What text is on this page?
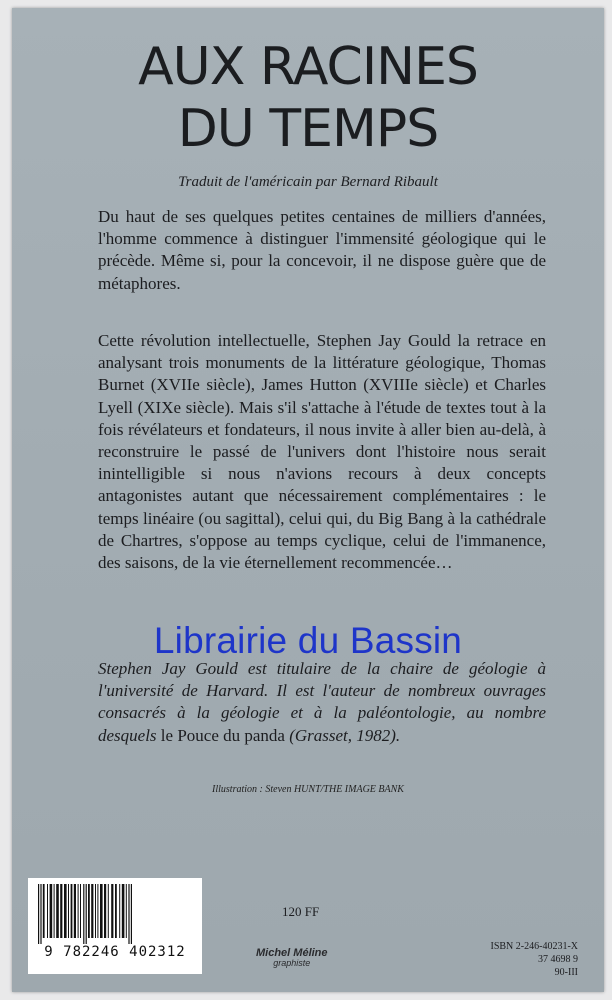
AUX RACINES
DU TEMPS
Traduit de l'américain par Bernard Ribault

Du haut de ses quelques petites centaines de milliers d'années, l'homme commence à distinguer l'immensité géologique qui le précède. Même si, pour la concevoir, il ne dispose guère que de métaphores.

Cette révolution intellectuelle, Stephen Jay Gould la retrace en analysant trois monuments de la littérature géologique, Thomas Burnet (XVIIe siècle), James Hutton (XVIIIe siècle) et Charles Lyell (XIXe siècle). Mais s'il s'attache à l'étude de textes tout à la fois révélateurs et fondateurs, il nous invite à aller bien au-delà, à reconstruire le passé de l'univers dont l'histoire nous serait inintelligible si nous n'avions recours à deux concepts antagonistes autant que nécessairement complémentaires : le temps linéaire (ou sagittal), celui qui, du Big Bang à la cathédrale de Chartres, s'oppose au temps cyclique, celui de l'immanence, des saisons, de la vie éternellement recommencée…

Librairie du Bassin

Stephen Jay Gould est titulaire de la chaire de géologie à l'université de Harvard. Il est l'auteur de nombreux ouvrages consacrés à la géologie et à la paléontologie, au nombre desquels le Pouce du panda (Grasset, 1982).

Illustration : Steven HUNT/THE IMAGE BANK
9 782246 402312
120 FF
Michel Méline
graphiste
ISBN 2-246-40231-X
37 4698 9
90-III
